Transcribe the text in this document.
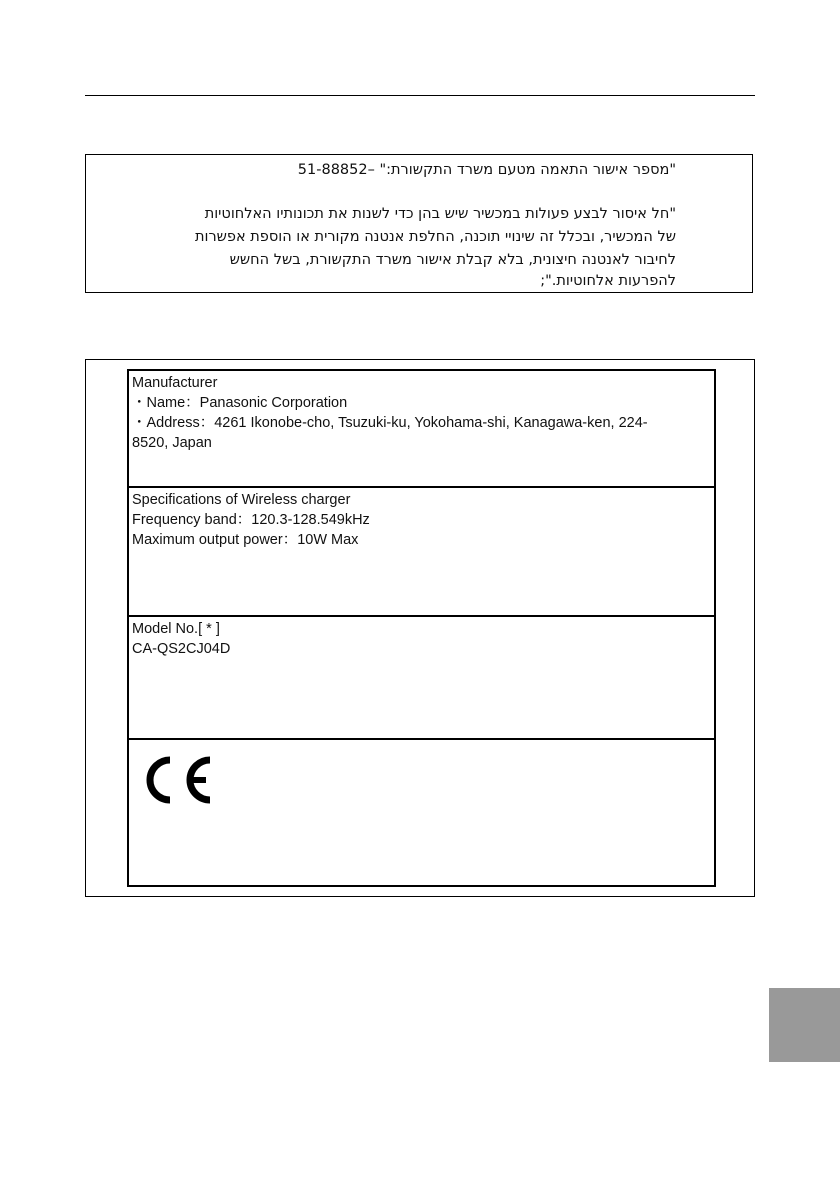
"מספר אישור התאמה מטעם משרד התקשורת:" –51-88852
"חל איסור לבצע פעולות במכשיר שיש בהן כדי לשנות את תכונותיו האלחוטיות
של המכשיר, ובכלל זה שינויי תוכנה, החלפת אנטנה מקורית או הוספת אפשרות
לחיבור לאנטנה חיצונית, בלא קבלת אישור משרד התקשורת, בשל החשש
להפרעות אלחוטיות.";
Manufacturer
・Name：Panasonic Corporation
・Address：4261 Ikonobe-cho, Tsuzuki-ku, Yokohama-shi, Kanagawa-ken, 224-
8520, Japan
Specifications of Wireless charger
Frequency band：120.3-128.549kHz
Maximum output power：10W Max
Model No.[ * ]
CA-QS2CJ04D
